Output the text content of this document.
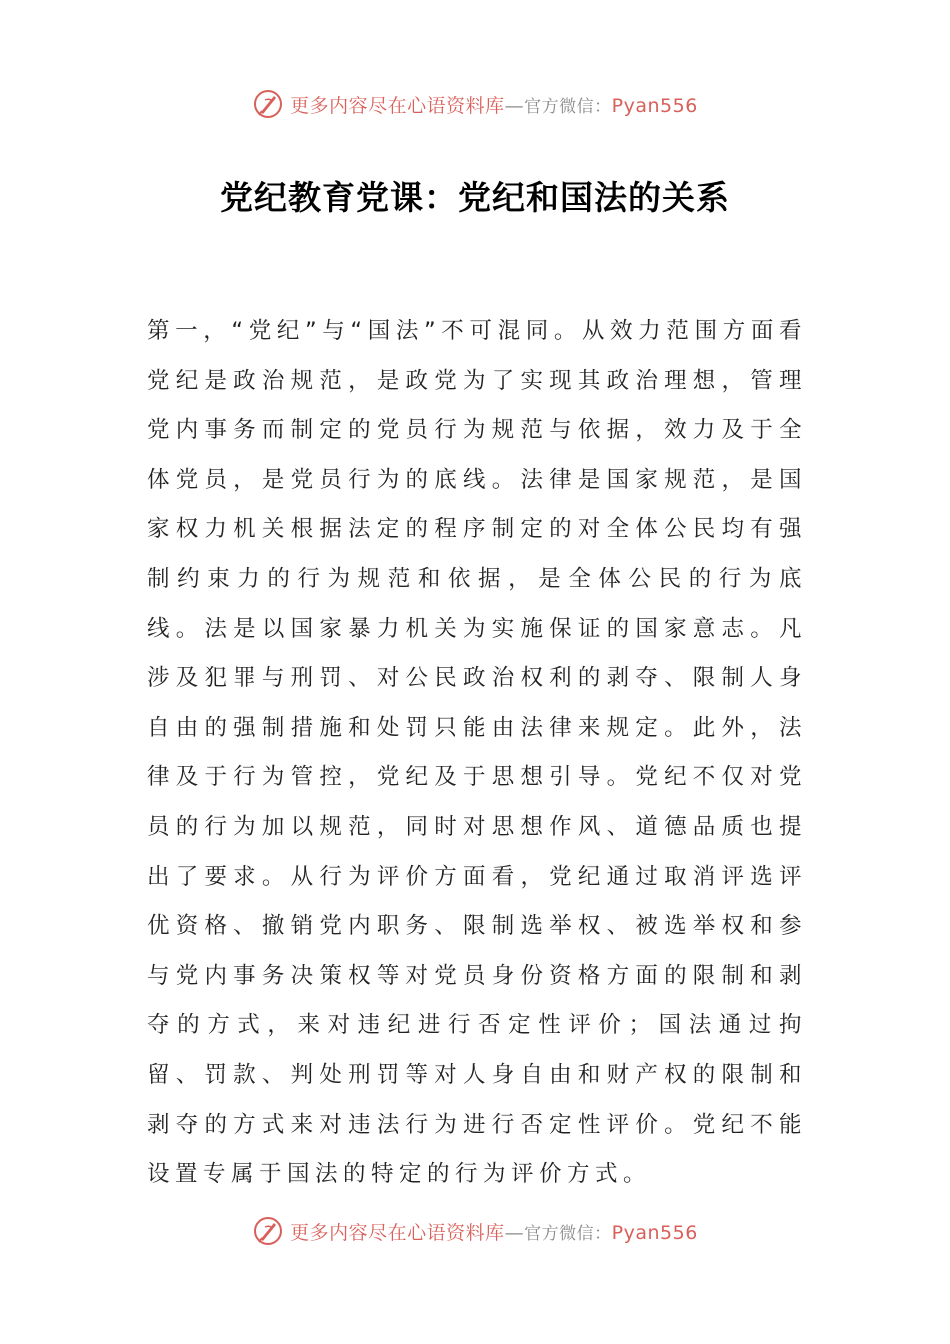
更多内容尽在心语资料库—官方微信：Pyan556
党纪教育党课：党纪和国法的关系

第一，“党纪”与“国法”不可混同。从效力范围方面看党纪是政治规范，是政党为了实现其政治理想，管理党内事务而制定的党员行为规范与依据，效力及于全体党员，是党员行为的底线。法律是国家规范，是国家权力机关根据法定的程序制定的对全体公民均有强制约束力的行为规范和依据，是全体公民的行为底线。法是以国家暴力机关为实施保证的国家意志。凡涉及犯罪与刑罚、对公民政治权利的剥夺、限制人身自由的强制措施和处罚只能由法律来规定。此外，法律及于行为管控，党纪及于思想引导。党纪不仅对党员的行为加以规范，同时对思想作风、道德品质也提出了要求。从行为评价方面看，党纪通过取消评选评优资格、撤销党内职务、限制选举权、被选举权和参与党内事务决策权等对党员身份资格方面的限制和剥夺的方式，来对违纪进行否定性评价；国法通过拘留、罚款、判处刑罚等对人身自由和财产权的限制和剥夺的方式来对违法行为进行否定性评价。党纪不能设置专属于国法的特定的行为评价方式。

更多内容尽在心语资料库—官方微信：Pyan556
